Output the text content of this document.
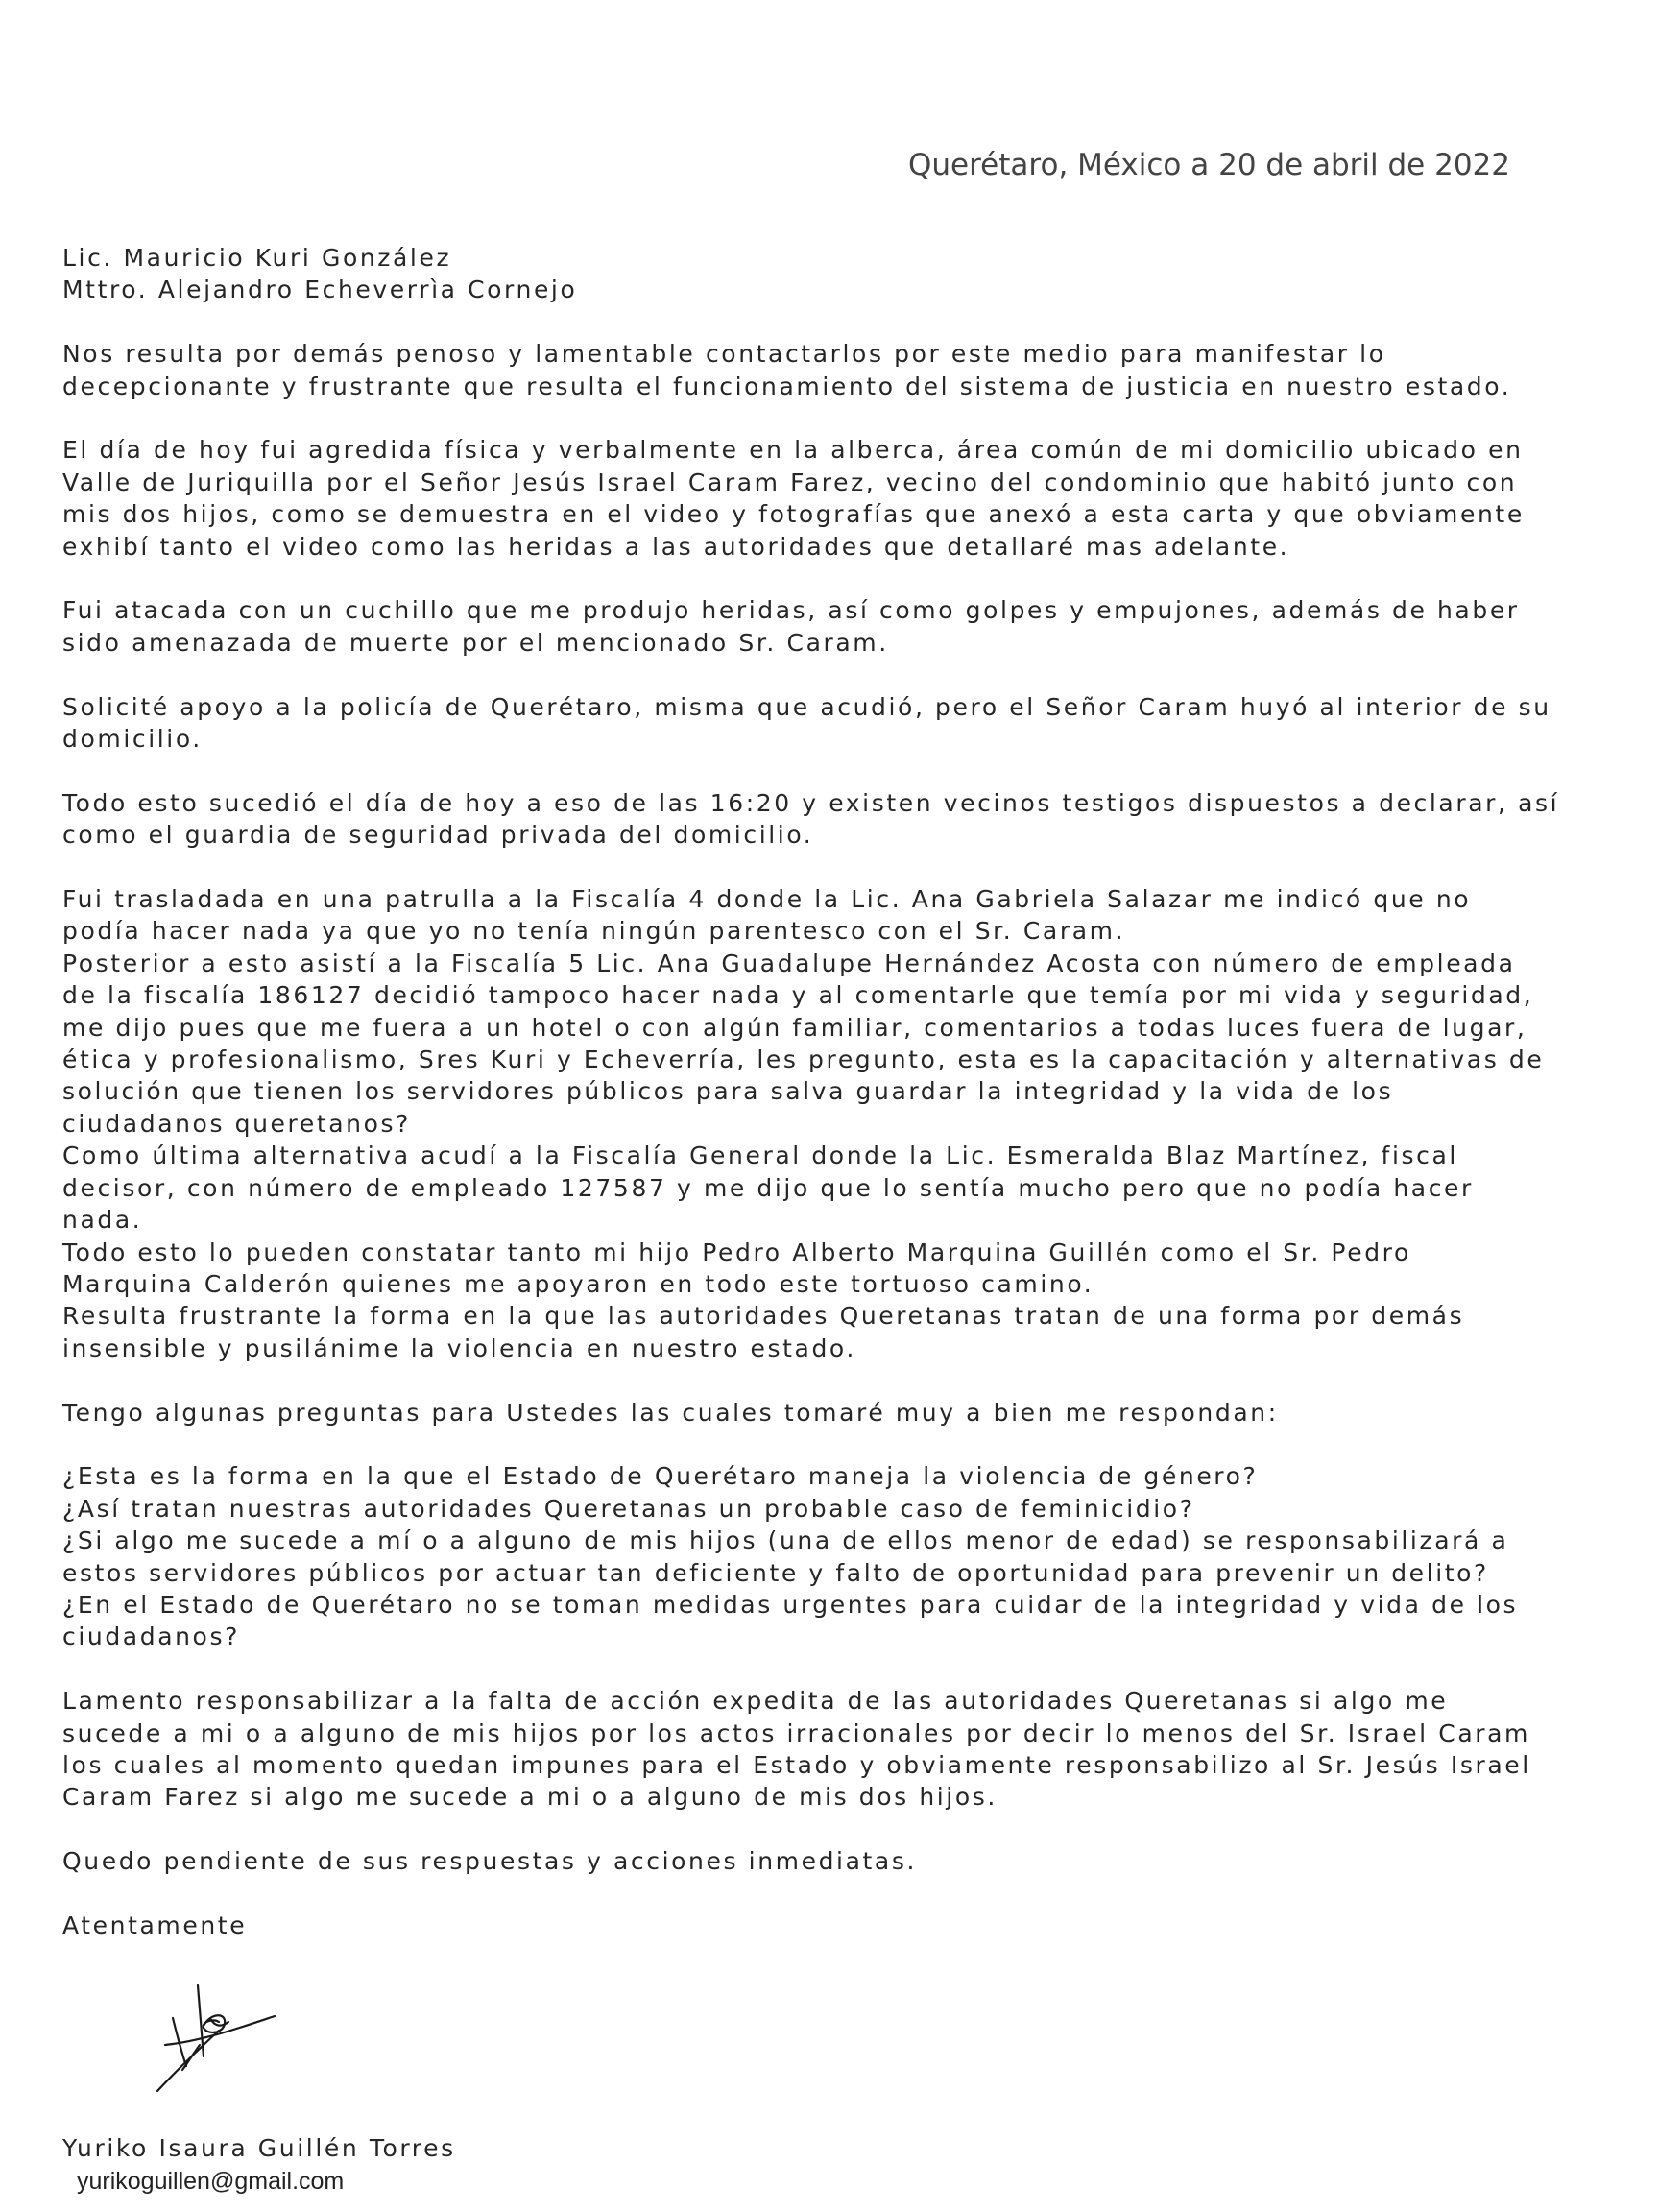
Querétaro, México a 20 de abril de 2022
Lic. Mauricio Kuri González
Mttro. Alejandro Echeverrìa Cornejo
Nos resulta por demás penoso y lamentable contactarlos por este medio para manifestar lo
decepcionante y frustrante que resulta el funcionamiento del sistema de justicia en nuestro estado.
El día de hoy fui agredida física y verbalmente en la alberca, área común de mi domicilio ubicado en
Valle de Juriquilla por el Señor Jesús Israel Caram Farez, vecino del condominio que habitó junto con
mis dos hijos, como se demuestra en el video y fotografías que anexó a esta carta y que obviamente
exhibí tanto el video como las heridas a las autoridades que detallaré mas adelante.
Fui atacada con un cuchillo que me produjo heridas, así como golpes y empujones, además de haber
sido amenazada de muerte por el mencionado Sr. Caram.
Solicité apoyo a la policía de Querétaro, misma que acudió, pero el Señor Caram huyó al interior de su
domicilio.
Todo esto sucedió el día de hoy a eso de las 16:20 y existen vecinos testigos dispuestos a declarar, así
como el guardia de seguridad privada del domicilio.
Fui trasladada en una patrulla a la Fiscalía 4 donde la Lic. Ana Gabriela Salazar me indicó que no
podía hacer nada ya que yo no tenía ningún parentesco con el Sr. Caram.
Posterior a esto asistí a la Fiscalía 5 Lic. Ana Guadalupe Hernández Acosta con número de empleada
de la fiscalía 186127 decidió tampoco hacer nada y al comentarle que temía por mi vida y seguridad,
me dijo pues que me fuera a un hotel o con algún familiar, comentarios a todas luces fuera de lugar,
ética y profesionalismo, Sres Kuri y Echeverría, les pregunto, esta es la capacitación y alternativas de
solución que tienen los servidores públicos para salva guardar la integridad y la vida de los
ciudadanos queretanos?
Como última alternativa acudí a la Fiscalía General donde la Lic. Esmeralda Blaz Martínez, fiscal
decisor, con número de empleado 127587 y me dijo que lo sentía mucho pero que no podía hacer
nada.
Todo esto lo pueden constatar tanto mi hijo Pedro Alberto Marquina Guillén como el Sr. Pedro
Marquina Calderón quienes me apoyaron en todo este tortuoso camino.
Resulta frustrante la forma en la que las autoridades Queretanas tratan de una forma por demás
insensible y pusilánime la violencia en nuestro estado.
Tengo algunas preguntas para Ustedes las cuales tomaré muy a bien me respondan:
¿Esta es la forma en la que el Estado de Querétaro maneja la violencia de género?
¿Así tratan nuestras autoridades Queretanas un probable caso de feminicidio?
¿Si algo me sucede a mí o a alguno de mis hijos (una de ellos menor de edad) se responsabilizará a
estos servidores públicos por actuar tan deficiente y falto de oportunidad para prevenir un delito?
¿En el Estado de Querétaro no se toman medidas urgentes para cuidar de la integridad y vida de los
ciudadanos?
Lamento responsabilizar a la falta de acción expedita de las autoridades Queretanas si algo me
sucede a mi o a alguno de mis hijos por los actos irracionales por decir lo menos del Sr. Israel Caram
los cuales al momento quedan impunes para el Estado y obviamente responsabilizo al Sr. Jesús Israel
Caram Farez si algo me sucede a mi o a alguno de mis dos hijos.
Quedo pendiente de sus respuestas y acciones inmediatas.
Atentamente
Yuriko Isaura Guillén Torres
yurikoguillen@gmail.com
